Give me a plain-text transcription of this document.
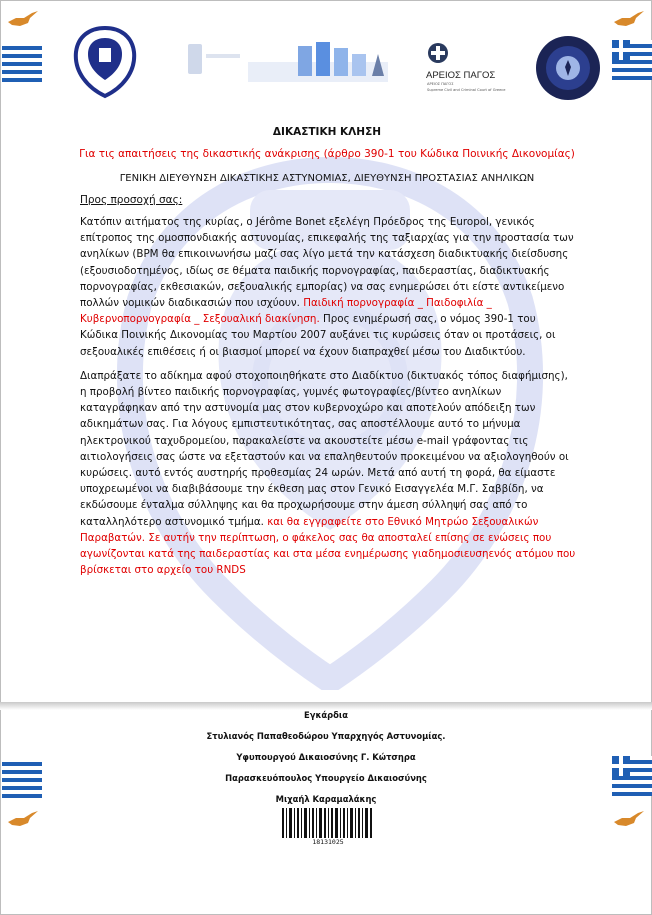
ΑΡΕΙΟΣ ΠΑΓΟΣ
ΑΡΕΙΟΣ ΠΑΓΟΣ
Supreme Civil and Criminal Court of Greece
ΔΙΚΑΣΤΙΚΗ ΚΛΗΣΗ
Για τις απαιτήσεις της δικαστικής ανάκρισης (άρθρο 390-1 του Κώδικα Ποινικής Δικονομίας)
ΓΕΝΙΚΗ ΔΙΕΥΘΥΝΣΗ ΔΙΚΑΣΤΙΚΗΣ ΑΣΤΥΝΟΜΙΑΣ, ΔΙΕΥΘΥΝΣΗ ΠΡΟΣΤΑΣΙΑΣ ΑΝΗΛΙΚΩΝ
Προς προσοχή σας:
Κατόπιν αιτήματος της κυρίας, ο Jérôme Bonet εξελέγη Πρόεδρος της Europol, γενικός επίτροπος της ομοσπονδιακής αστυνομίας, επικεφαλής της ταξιαρχίας για την προστασία των ανηλίκων (BPM θα επικοινωνήσω μαζί σας λίγο μετά την κατάσχεση διαδικτυακής διείσδυσης (εξουσιοδοτημένος, ιδίως σε θέματα παιδικής πορνογραφίας, παιδεραστίας, διαδικτυακής πορνογραφίας, εκθεσιακών, σεξουαλικής εμπορίας) να σας ενημερώσει ότι είστε αντικείμενο πολλών νομικών διαδικασιών που ισχύουν. Παιδική πορνογραφία _ Παιδοφιλία _ Κυβερνοπορνογραφία _ Σεξουαλική διακίνηση. Προς ενημέρωσή σας, ο νόμος 390-1 του Κώδικα Ποινικής Δικονομίας του Μαρτίου 2007 αυξάνει τις κυρώσεις όταν οι προτάσεις, οι σεξουαλικές επιθέσεις ή οι βιασμοί μπορεί να έχουν διαπραχθεί μέσω του Διαδικτύου.
Διαπράξατε το αδίκημα αφού στοχοποιηθήκατε στο Διαδίκτυο (δικτυακός τόπος διαφήμισης), η προβολή βίντεο παιδικής πορνογραφίας, γυμνές φωτογραφίες/βίντεο ανηλίκων καταγράφηκαν από την αστυνομία μας στον κυβερνοχώρο και αποτελούν απόδειξη των αδικημάτων σας. Για λόγους εμπιστευτικότητας, σας αποστέλλουμε αυτό το μήνυμα ηλεκτρονικού ταχυδρομείου, παρακαλείστε να ακουστείτε μέσω e-mail γράφοντας τις αιτιολογήσεις σας ώστε να εξεταστούν και να επαληθευτούν προκειμένου να αξιολογηθούν οι κυρώσεις. αυτό εντός αυστηρής προθεσμίας 24 ωρών. Μετά από αυτή τη φορά, θα είμαστε υποχρεωμένοι να διαβιβάσουμε την έκθεση μας στον Γενικό Εισαγγελέα Μ.Γ. Σαββίδη, να εκδώσουμε ένταλμα σύλληψης και θα προχωρήσουμε στην άμεση σύλληψή σας από το καταλληλότερο αστυνομικό τμήμα. και θα εγγραφείτε στο Εθνικό Μητρώο Σεξουαλικών Παραβατών. Σε αυτήν την περίπτωση, ο φάκελος σας θα αποσταλεί επίσης σε ενώσεις που αγωνίζονται κατά της παιδεραστίας και στα μέσα ενημέρωσης γιαδημοσιευσηενός ατόμου που βρίσκεται στο αρχείο του RNDS
Εγκάρδια
Στυλιανός Παπαθεοδώρου Υπαρχηγός Αστυνομίας.
Υφυπουργού Δικαιοσύνης Γ. Κώτσηρα
Παρασκευόπουλος Υπουργείο Δικαιοσύνης
Μιχαήλ Καραμαλάκης
18131025
